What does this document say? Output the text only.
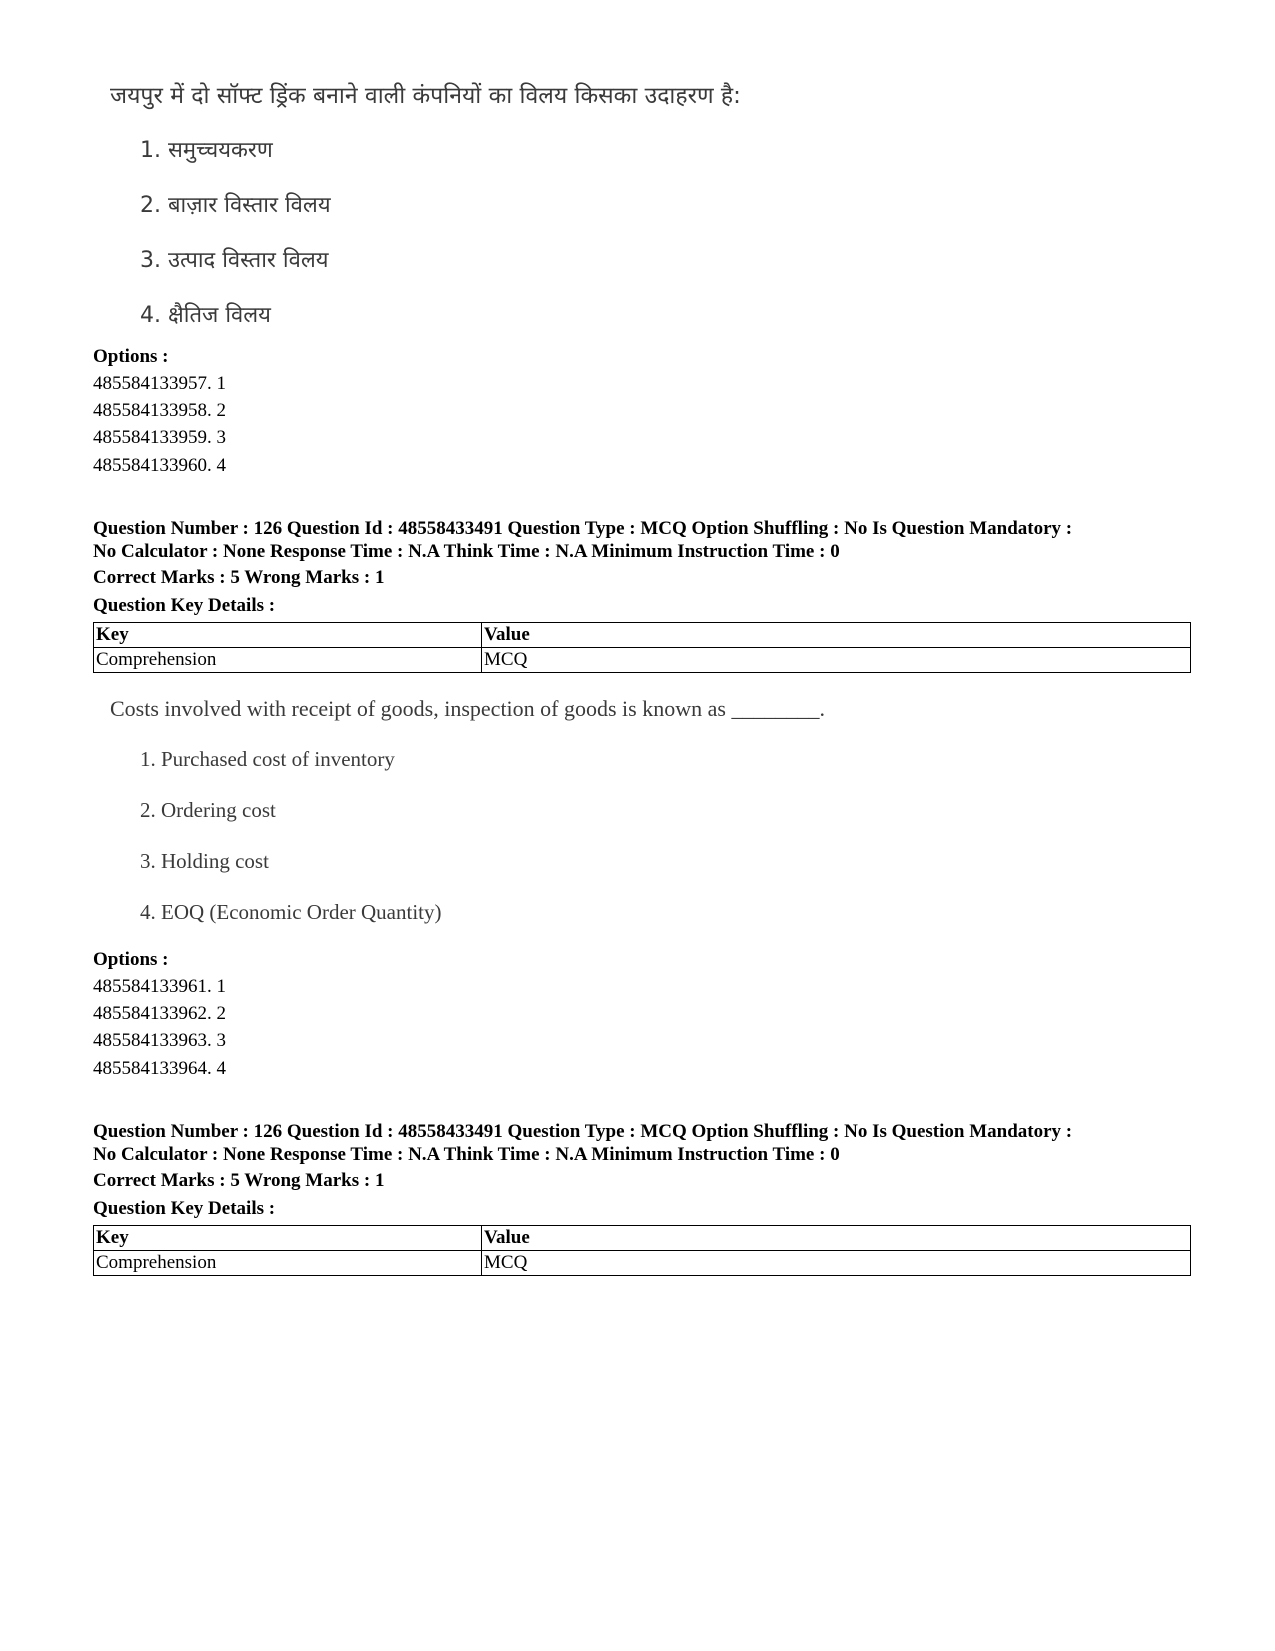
जयपुर में दो सॉफ्ट ड्रिंक बनाने वाली कंपनियों का विलय किसका उदाहरण है:
1. समुच्चयकरण
2. बाज़ार विस्तार विलय
3. उत्पाद विस्तार विलय
4. क्षैतिज विलय
Options :
485584133957. 1
485584133958. 2
485584133959. 3
485584133960. 4
Question Number : 126 Question Id : 48558433491 Question Type : MCQ Option Shuffling : No Is Question Mandatory :
No Calculator : None Response Time : N.A Think Time : N.A Minimum Instruction Time : 0
Correct Marks : 5 Wrong Marks : 1
Question Key Details :
Key	Value
Comprehension	MCQ
Costs involved with receipt of goods, inspection of goods is known as ________.
1. Purchased cost of inventory
2. Ordering cost
3. Holding cost
4. EOQ (Economic Order Quantity)
Options :
485584133961. 1
485584133962. 2
485584133963. 3
485584133964. 4
Question Number : 126 Question Id : 48558433491 Question Type : MCQ Option Shuffling : No Is Question Mandatory :
No Calculator : None Response Time : N.A Think Time : N.A Minimum Instruction Time : 0
Correct Marks : 5 Wrong Marks : 1
Question Key Details :
Key	Value
Comprehension	MCQ
